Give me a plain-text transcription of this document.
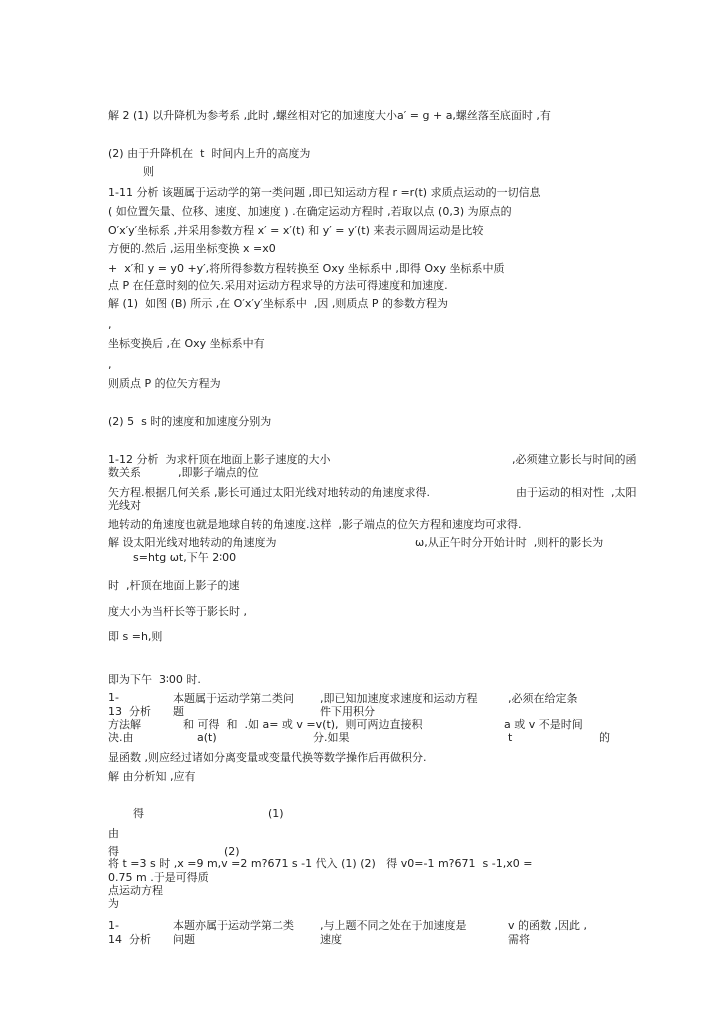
解 2 (1) 以升降机为参考系 ,此时 ,螺丝相对它的加速度大小a′ = g + a,螺丝落至底面时 ,有
(2) 由于升降机在  t  时间内上升的高度为
则
1-11 分析 该题属于运动学的第一类问题 ,即已知运动方程 r =r(t) 求质点运动的一切信息
( 如位置矢量、位移、速度、加速度 ) .在确定运动方程时 ,若取以点 (0,3) 为原点的
O′x′y′坐标系 ,并采用参数方程 x′ = x′(t) 和 y′ = y′(t) 来表示圆周运动是比较
方便的.然后 ,运用坐标变换 x =x0
+  x′和 y = y0 +y′,将所得参数方程转换至 Oxy 坐标系中 ,即得 Oxy 坐标系中质
点 P 在任意时刻的位矢.采用对运动方程求导的方法可得速度和加速度.
解 (1)  如图 (B) 所示 ,在 O′x′y′坐标系中  ,因 ,则质点 P 的参数方程为
,
坐标变换后 ,在 Oxy 坐标系中有
,
则质点 P 的位矢方程为
(2) 5  s 时的速度和加速度分别为
1-12 分析  为求杆顶在地面上影子速度的大小	,必须建立影长与时间的函
数关系	,即影子端点的位
矢方程.根据几何关系 ,影长可通过太阳光线对地转动的角速度求得.	由于运动的相对性  ,太阳
光线对
地转动的角速度也就是地球自转的角速度.这样  ,影子端点的位矢方程和速度均可求得.
解 设太阳光线对地转动的角速度为	ω,从正午时分开始计时  ,则杆的影长为
s=htg ωt,下午 2∶00
时  ,杆顶在地面上影子的速
度大小为当杆长等于影长时 ,
即 s =h,则
即为下午  3∶00 时.
1-
13  分析
本题属于运动学第二类问
题
,即已知加速度求速度和运动方程
件下用积分
,必须在给定条
方法解	和 可得  和  .如 a= 或 v =v(t),  则可两边直接积	a 或 v 不是时间
决.由	a(t)	分.如果	t	的
显函数 ,则应经过诸如分离变量或变量代换等数学操作后再做积分.
解 由分析知 ,应有
得	(1)
由
得	(2)
将 t =3 s 时 ,x =9 m,v =2 m?671 s -1 代入 (1) (2)   得 v0=-1 m?671  s -1,x0 =
0.75 m .于是可得质
点运动方程
为
1-
14  分析
本题亦属于运动学第二类
问题
,与上题不同之处在于加速度是
速度
v 的函数 ,因此 ,
需将
